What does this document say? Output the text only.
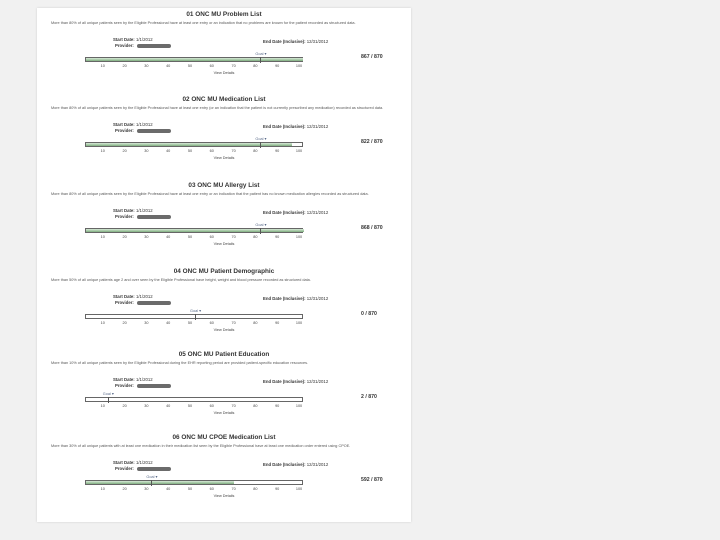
01 ONC MU Problem List
More than 80% of all unique patients seen by the Eligible Professional have at least one entry or an indication that no problems are known for the patient recorded as structured data.
Start Date: 1/1/2012
Provider:
End Date (Inclusive): 12/31/2012
Goal ▾
10	20	30	40	50	60	70	80	90	100
View Details
867 / 870
02 ONC MU Medication List
More than 80% of all unique patients seen by the Eligible Professional have at least one entry (or an indication that the patient is not currently prescribed any medication) recorded as structured data.
Start Date: 1/1/2012
Provider:
End Date (Inclusive): 12/31/2012
Goal ▾
10	20	30	40	50	60	70	80	90	100
View Details
822 / 870
03 ONC MU Allergy List
More than 80% of all unique patients seen by the Eligible Professional have at least one entry or an indication that the patient has no known medication allergies recorded as structured data.
Start Date: 1/1/2012
Provider:
End Date (Inclusive): 12/31/2012
Goal ▾
10	20	30	40	50	60	70	80	90	100
View Details
868 / 870
04 ONC MU Patient Demographic
More than 50% of all unique patients age 2 and over seen by the Eligible Professional have height, weight and blood pressure recorded as structured data.
Start Date: 1/1/2012
Provider:
End Date (Inclusive): 12/31/2012
Goal ▾
10	20	30	40	50	60	70	80	90	100
View Details
0 / 870
05 ONC MU Patient Education
More than 10% of all unique patients seen by the Eligible Professional during the EHR reporting period are provided patient-specific education resources.
Start Date: 1/1/2012
Provider:
End Date (Inclusive): 12/31/2012
Goal ▾
10	20	30	40	50	60	70	80	90	100
View Details
2 / 870
06 ONC MU CPOE Medication List
More than 30% of all unique patients with at least one medication in their medication list seen by the Eligible Professional have at least one medication order entered using CPOE.
Start Date: 1/1/2012
Provider:
End Date (Inclusive): 12/31/2012
Goal ▾
10	20	30	40	50	60	70	80	90	100
View Details
592 / 870
